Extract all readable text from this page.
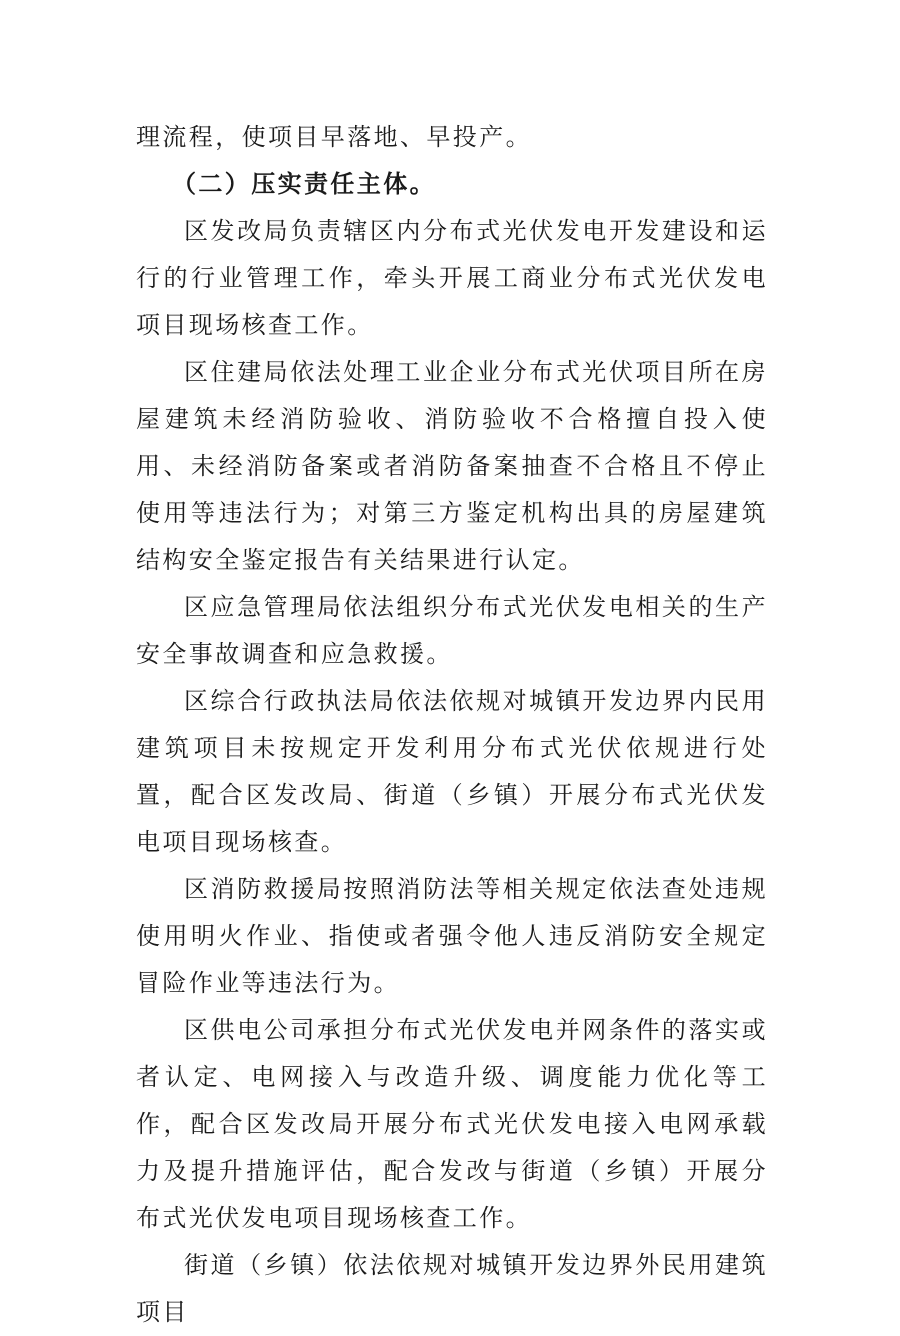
理流程，使项目早落地、早投产。

（二）压实责任主体。

区发改局负责辖区内分布式光伏发电开发建设和运行的行业管理工作，牵头开展工商业分布式光伏发电项目现场核查工作。

区住建局依法处理工业企业分布式光伏项目所在房屋建筑未经消防验收、消防验收不合格擅自投入使用、未经消防备案或者消防备案抽查不合格且不停止使用等违法行为；对第三方鉴定机构出具的房屋建筑结构安全鉴定报告有关结果进行认定。

区应急管理局依法组织分布式光伏发电相关的生产安全事故调查和应急救援。

区综合行政执法局依法依规对城镇开发边界内民用建筑项目未按规定开发利用分布式光伏依规进行处置，配合区发改局、街道（乡镇）开展分布式光伏发电项目现场核查。

区消防救援局按照消防法等相关规定依法查处违规使用明火作业、指使或者强令他人违反消防安全规定冒险作业等违法行为。

区供电公司承担分布式光伏发电并网条件的落实或者认定、电网接入与改造升级、调度能力优化等工作，配合区发改局开展分布式光伏发电接入电网承载力及提升措施评估，配合发改与街道（乡镇）开展分布式光伏发电项目现场核查工作。

街道（乡镇）依法依规对城镇开发边界外民用建筑项目
